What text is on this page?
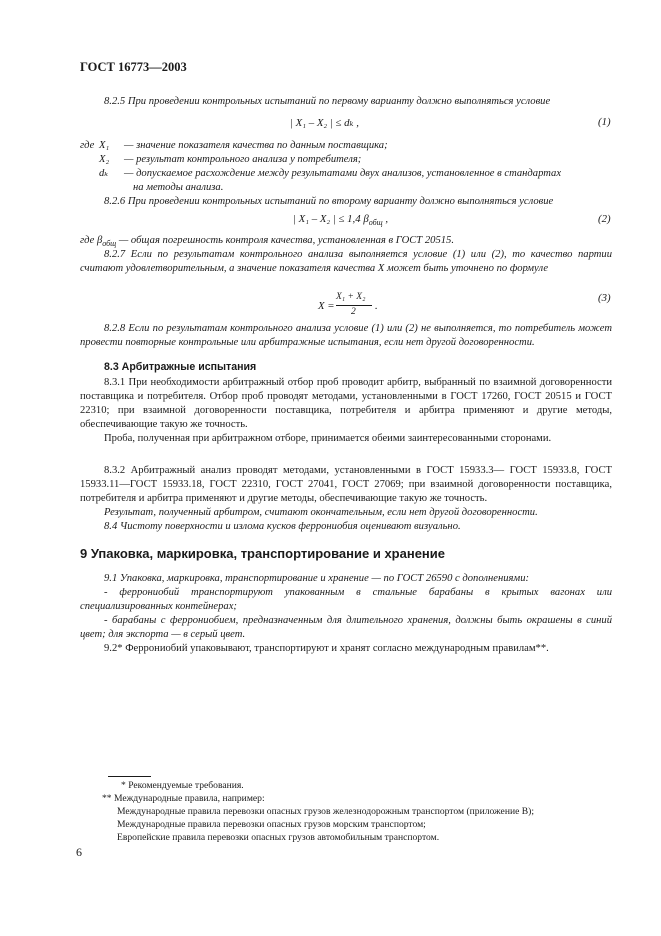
ГОСТ 16773—2003
8.2.5 При проведении контрольных испытаний по первому варианту должно выполняться условие
| X₁ – X₂ | ≤ dₖ ,	(1)
где X₁ — значение показателя качества по данным поставщика;
X₂ — результат контрольного анализа у потребителя;
dₖ — допускаемое расхождение между результатами двух анализов, установленное в стандартах
на методы анализа.
8.2.6 При проведении контрольных испытаний по второму варианту должно выполняться условие
| X₁ – X₂ | ≤ 1,4 $\beta_{общ}$ ,	(2)
где $\beta_{общ}$ — общая погрешность контроля качества, установленная в ГОСТ 20515.
8.2.7 Если по результатам контрольного анализа выполняется условие (1) или (2), то качество партии считают удовлетворительным, а значение показателя качества X может быть уточнено по формуле
X =
X₁ + X₂
2 .
(3)
8.2.8 Если по результатам контрольного анализа условие (1) или (2) не выполняется, то потребитель может провести повторные контрольные или арбитражные испытания, если нет другой договоренности.
8.3 Арбитражные испытания
8.3.1 При необходимости арбитражный отбор проб проводит арбитр, выбранный по взаимной договоренности поставщика и потребителя. Отбор проб проводят методами, установленными в ГОСТ 17260, ГОСТ 20515 и ГОСТ 22310; при взаимной договоренности поставщика, потребителя и арбитра применяют и другие методы, обеспечивающие такую же точность.
Проба, полученная при арбитражном отборе, принимается обеими заинтересованными сторонами.
8.3.2 Арбитражный анализ проводят методами, установленными в ГОСТ 15933.3— ГОСТ 15933.8, ГОСТ 15933.11—ГОСТ 15933.18, ГОСТ 22310, ГОСТ 27041, ГОСТ 27069; при взаимной договоренности поставщика, потребителя и арбитра применяют и другие методы, обеспечивающие такую же точность.
Результат, полученный арбитром, считают окончательным, если нет другой договоренности.
8.4 Чистоту поверхности и излома кусков феррониобия оценивают визуально.
9 Упаковка, маркировка, транспортирование и хранение
9.1 Упаковка, маркировка, транспортирование и хранение — по ГОСТ 26590 с дополнениями:
- феррониобий транспортируют упакованным в стальные барабаны в крытых вагонах или специализированных контейнерах;
- барабаны с феррониобием, предназначенным для длительного хранения, должны быть окрашены в синий цвет; для экспорта — в серый цвет.
9.2* Феррониобий упаковывают, транспортируют и хранят согласно международным правилам**.
* Рекомендуемые требования.
** Международные правила, например:
Международные правила перевозки опасных грузов железнодорожным транспортом (приложение В);
Международные правила перевозки опасных грузов морским транспортом;
Европейские правила перевозки опасных грузов автомобильным транспортом.
6
